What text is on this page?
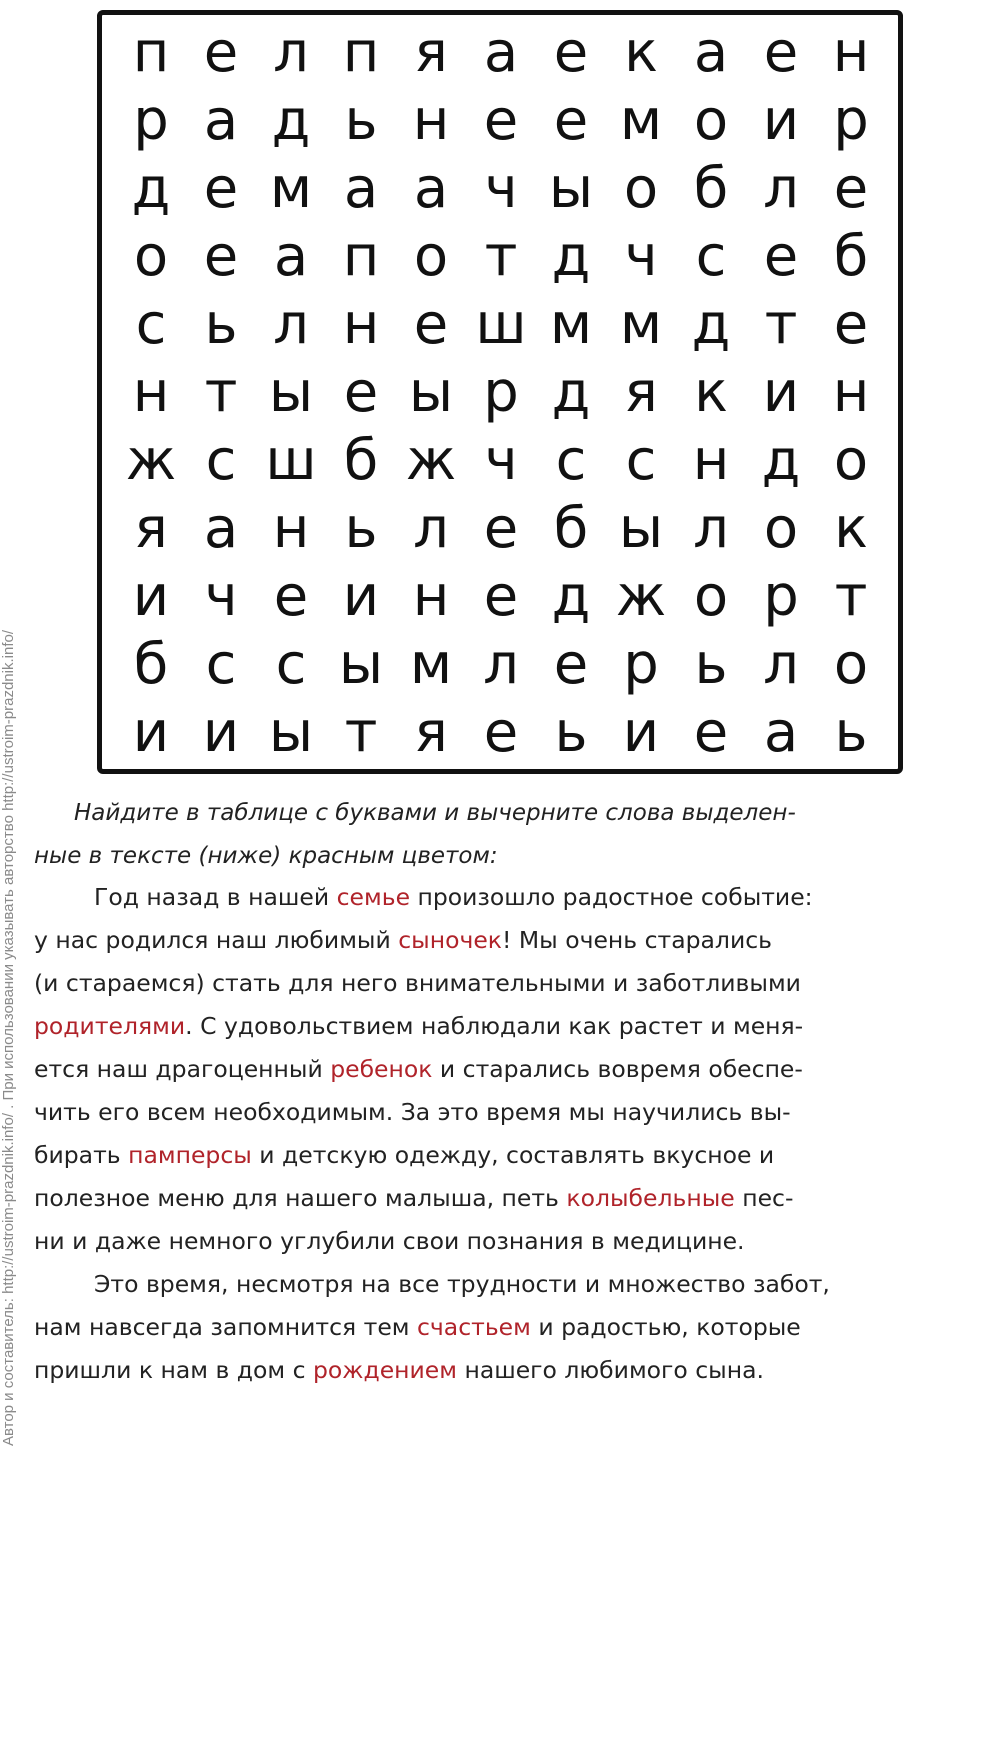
п е л п я а е к а е н
р а д ь н е е м о и р
д е м а а ч ы о б л е
о е а п о т д ч с е б
с ь л н е ш м м д т е
н т ы е ы р д я к и н
ж с ш б ж ч с с н д о
я а н ь л е б ы л о к
и ч е и н е д ж о р т
б с с ы м л е р ь л о
и и ы т я е ь и е а ь
Автор и составитель: http://ustroim-prazdnik.info/ . При использовании указывать авторство http://ustroim-prazdnik.info/	Найдите в таблице с буквами и вычерните слова выделен-
ные в тексте (ниже) красным цветом:
Год назад в нашей семье произошло радостное событие:
у нас родился наш любимый сыночек! Мы очень старались
(и стараемся) стать для него внимательными и заботливыми
родителями. С удовольствием наблюдали как растет и меня-
ется наш драгоценный ребенок и старались вовремя обеспе-
чить его всем необходимым. За это время мы научились вы-
бирать памперсы и детскую одежду, составлять вкусное и
полезное меню для нашего малыша, петь колыбельные пес-
ни и даже немного углубили свои познания в медицине.
Это время, несмотря на все трудности и множество забот,
нам навсегда запомнится тем счастьем и радостью, которые
пришли к нам в дом с рождением нашего любимого сына.
